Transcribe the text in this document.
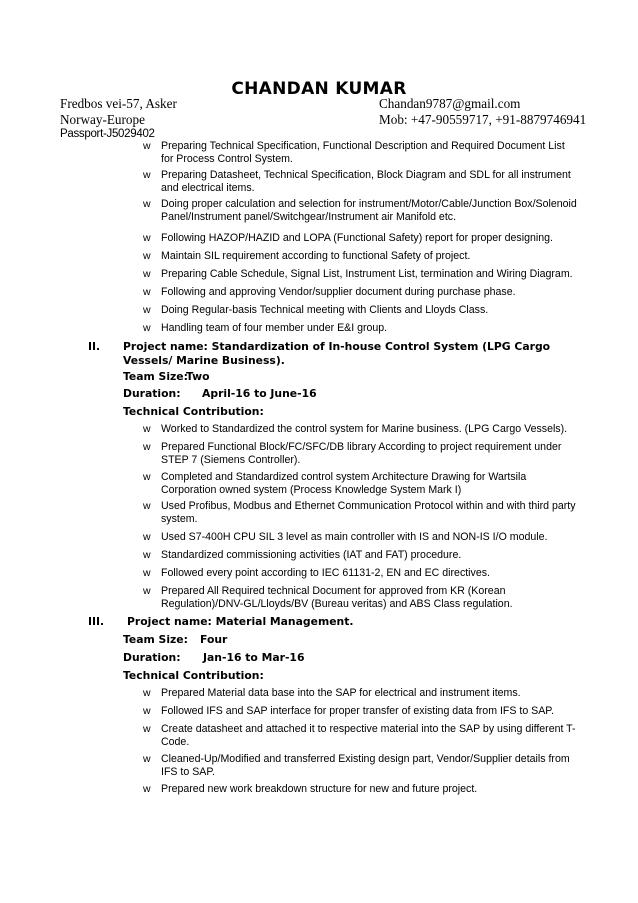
CHANDAN KUMAR
Fredbos vei-57, Asker
Norway-Europe
Chandan9787@gmail.com
Mob: +47-90559717, +91-8879746941
Passport-J5029402
w Preparing Technical Specification, Functional Description and Required Document List for Process Control System.
w Preparing Datasheet, Technical Specification, Block Diagram and SDL for all instrument and electrical items.
w Doing proper calculation and selection for instrument/Motor/Cable/Junction Box/Solenoid Panel/Instrument panel/Switchgear/Instrument air Manifold etc.
w Following HAZOP/HAZID and LOPA (Functional Safety) report for proper designing.
w Maintain SIL requirement according to functional Safety of project.
w Preparing Cable Schedule, Signal List, Instrument List, termination and Wiring Diagram.
w Following and approving Vendor/supplier document during purchase phase.
w Doing Regular-basis Technical meeting with Clients and Lloyds Class.
w Handling team of four member under E&I group.
II. Project name: Standardization of In-house Control System (LPG Cargo Vessels/ Marine Business).
Team Size:
Two
Duration: April-16 to June-16
Technical Contribution:
w Worked to Standardized the control system for Marine business. (LPG Cargo Vessels).
w Prepared Functional Block/FC/SFC/DB library According to project requirement under STEP 7 (Siemens Controller).
w Completed and Standardized control system Architecture Drawing for Wartsila Corporation owned system (Process Knowledge System Mark I)
w Used Profibus, Modbus and Ethernet Communication Protocol within and with third party system.
w Used S7-400H CPU SIL 3 level as main controller with IS and NON-IS I/O module.
w Standardized commissioning activities (IAT and FAT) procedure.
w Followed every point according to IEC 61131-2, EN and EC directives.
w Prepared All Required technical Document for approved from KR (Korean Regulation)/DNV-GL/Lloyds/BV (Bureau veritas) and ABS Class regulation.
III. Project name: Material Management.
Team Size: Four
Duration: Jan-16 to Mar-16
Technical Contribution:
w Prepared Material data base into the SAP for electrical and instrument items.
w Followed IFS and SAP interface for proper transfer of existing data from IFS to SAP.
w Create datasheet and attached it to respective material into the SAP by using different T-Code.
w Cleaned-Up/Modified and transferred Existing design part, Vendor/Supplier details from IFS to SAP.
w Prepared new work breakdown structure for new and future project.
